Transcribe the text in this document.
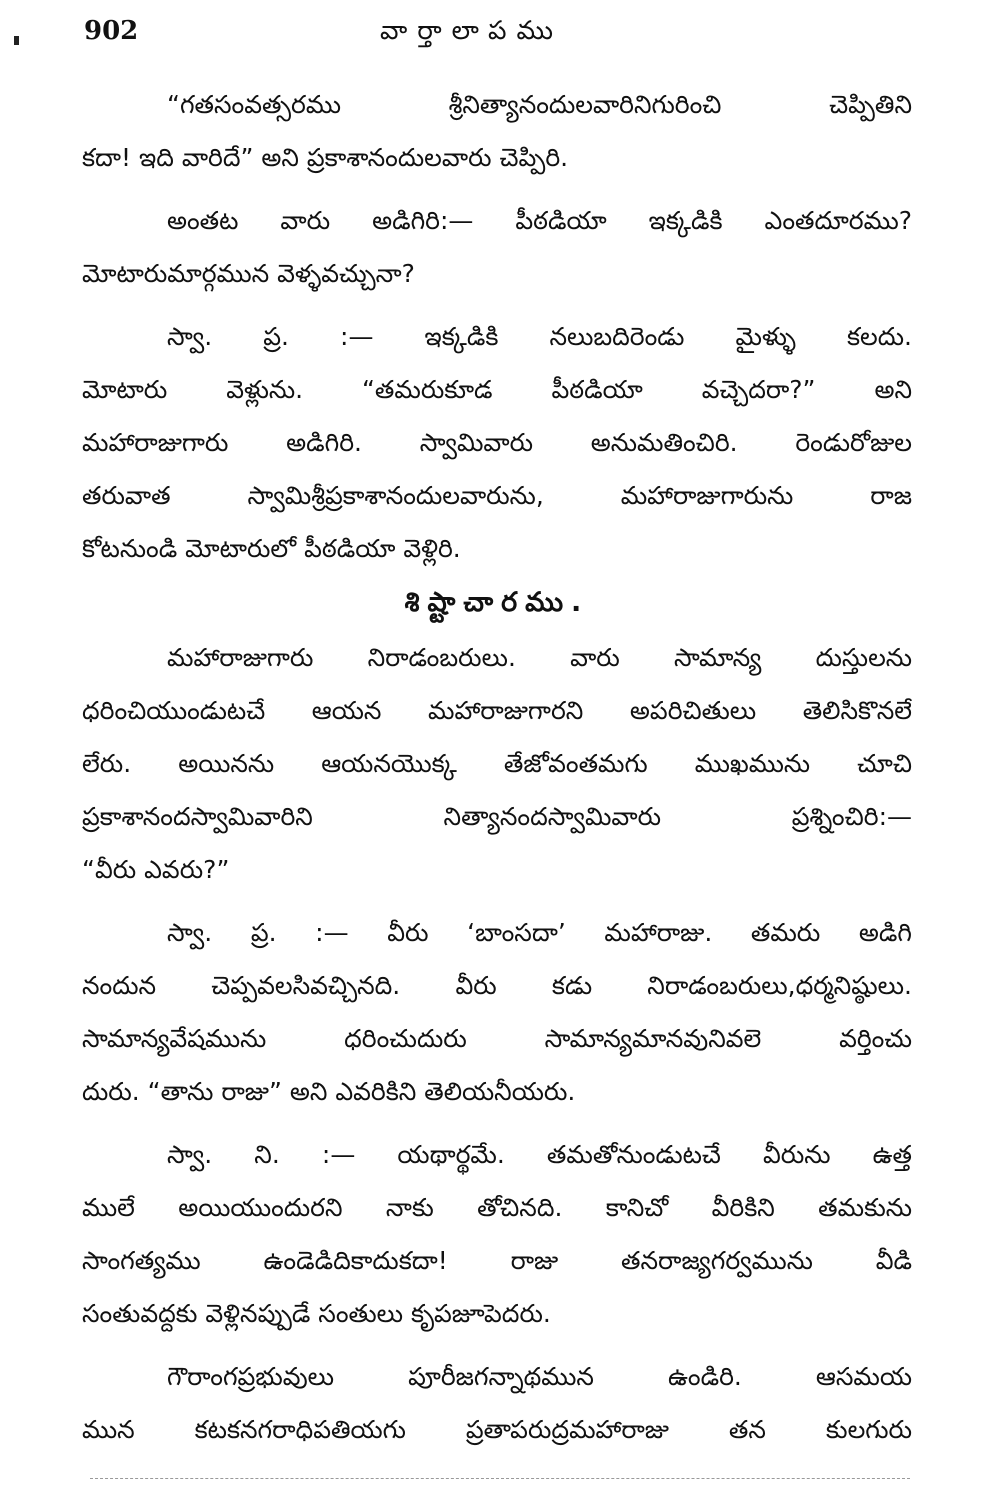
902	వార్తాలాపము
“గతసంవత్సరము శ్రీనిత్యానందులవారినిగురించి చెప్పితిని
కదా! ఇది వారిదే” అని ప్రకాశానందులవారు చెప్పిరి.
అంతట వారు అడిగిరి:— పీఠడియా ఇక్కడికి ఎంతదూరము?
మోటారుమార్గమున వెళ్ళవచ్చునా?
స్వా. ప్ర. :— ఇక్కడికి నలుబదిరెండు మైళ్ళు కలదు.
మోటారు వెళ్లును. “తమరుకూడ పీఠడియా వచ్చెదరా?” అని
మహారాజుగారు అడిగిరి. స్వామివారు అనుమతించిరి. రెండురోజుల
తరువాత స్వామిశ్రీప్రకాశానందులవారును, మహారాజుగారును రాజ
కోటనుండి మోటారులో పీఠడియా వెళ్లిరి.
శిష్టాచారము.
మహారాజుగారు నిరాడంబరులు. వారు సామాన్య దుస్తులను
ధరించియుండుటచే ఆయన మహారాజుగారని అపరిచితులు తెలిసికొనలే
లేరు. అయినను ఆయనయొక్క తేజోవంతమగు ముఖమును చూచి
ప్రకాశానందస్వామివారిని నిత్యానందస్వామివారు ప్రశ్నించిరి:—
“వీరు ఎవరు?”
స్వా. ప్ర. :— వీరు ‘బాంసదా’ మహారాజు. తమరు అడిగి
నందున చెప్పవలసివచ్చినది. వీరు కడు నిరాడంబరులు,ధర్మనిష్ఠులు.
సామాన్యవేషమును ధరించుదురు సామాన్యమానవునివలె వర్తించు
దురు. “తాను రాజు” అని ఎవరికిని తెలియనీయరు.
స్వా. ని. :— యథార్థమే. తమతోనుండుటచే వీరును ఉత్త
ములే అయియుందురని నాకు తోచినది. కానిచో వీరికిని తమకును
సాంగత్యము ఉండెడిదికాదుకదా! రాజు తనరాజ్యగర్వమును వీడి
సంతువద్దకు వెళ్లినప్పుడే సంతులు కృపజూపెదరు.
గౌరాంగప్రభువులు పూరీజగన్నాథమున ఉండిరి. ఆసమయ
మున కటకనగరాధిపతియగు ప్రతాపరుద్రమహారాజు తన కులగురు
